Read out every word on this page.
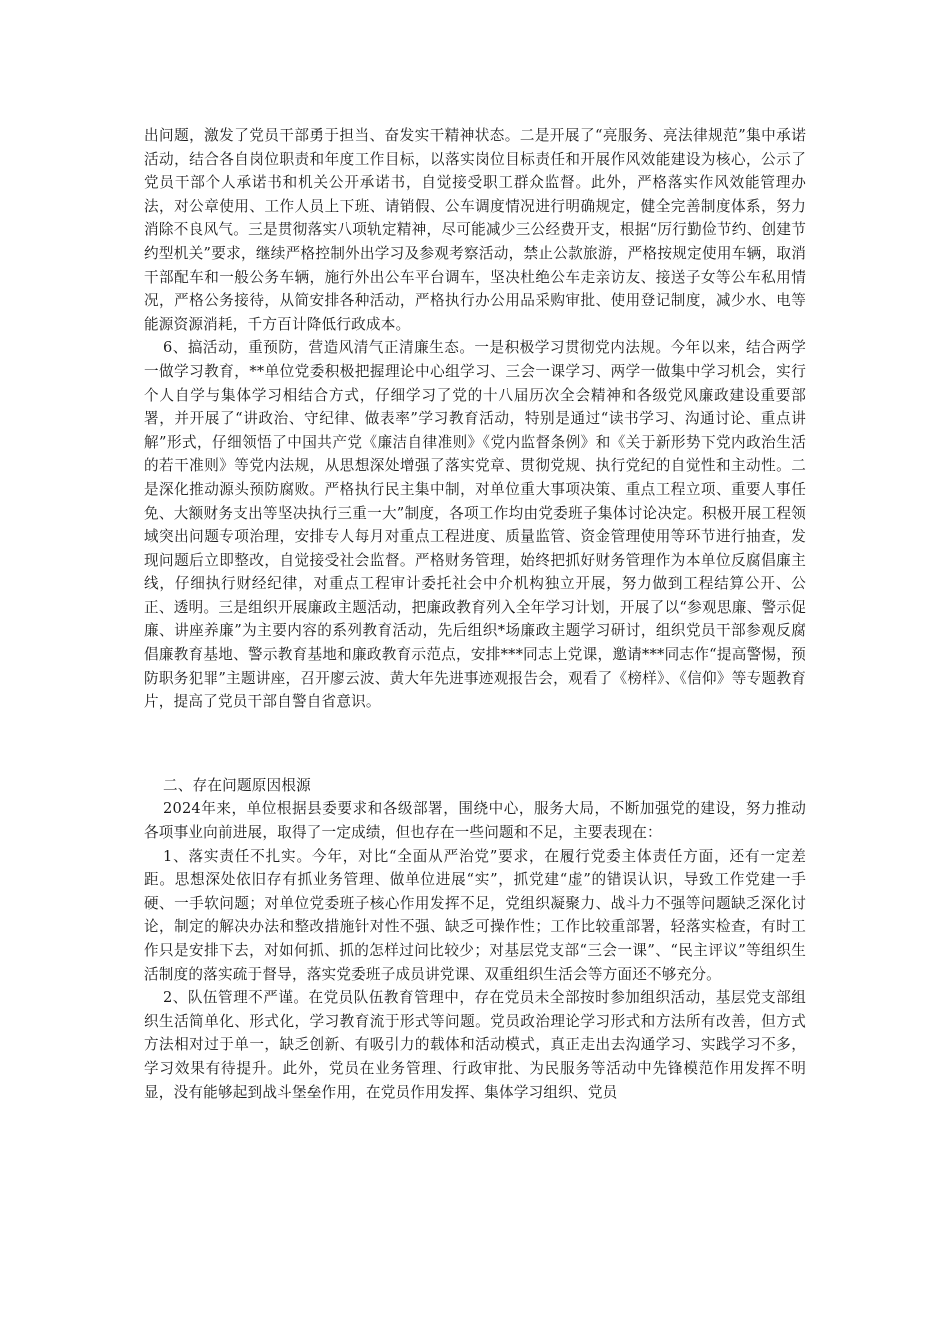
出问题，激发了党员干部勇于担当、奋发实干精神状态。二是开展了“亮服务、亮法律规范”集中承诺活动，结合各自岗位职责和年度工作目标，以落实岗位目标责任和开展作风效能建设为核心，公示了党员干部个人承诺书和机关公开承诺书，自觉接受职工群众监督。此外，严格落实作风效能管理办法，对公章使用、工作人员上下班、请销假、公车调度情况进行明确规定，健全完善制度体系，努力消除不良风气。三是贯彻落实八项轨定精神，尽可能减少三公经费开支，根据“厉行勤俭节约、创建节约型机关”要求，继续严格控制外出学习及参观考察活动，禁止公款旅游，严格按规定使用车辆，取消干部配车和一般公务车辆，施行外出公车平台调车，坚决杜绝公车走亲访友、接送子女等公车私用情况，严格公务接待，从简安排各种活动，严格执行办公用品采购审批、使用登记制度，减少水、电等能源资源消耗，千方百计降低行政成本。

6、搞活动，重预防，营造风清气正清廉生态。一是积极学习贯彻党内法规。今年以来，结合两学一做学习教育，**单位党委积极把握理论中心组学习、三会一课学习、两学一做集中学习机会，实行个人自学与集体学习相结合方式，仔细学习了党的十八届历次全会精神和各级党风廉政建设重要部署，并开展了“讲政治、守纪律、做表率”学习教育活动，特别是通过“读书学习、沟通讨论、重点讲解”形式，仔细领悟了中国共产党《廉洁自律准则》《党内监督条例》和《关于新形势下党内政治生活的若干准则》等党内法规，从思想深处增强了落实党章、贯彻党规、执行党纪的自觉性和主动性。二是深化推动源头预防腐败。严格执行民主集中制，对单位重大事项决策、重点工程立项、重要人事任免、大额财务支出等坚决执行三重一大”制度，各项工作均由党委班子集体讨论决定。积极开展工程领域突出问题专项治理，安排专人每月对重点工程进度、质量监管、资金管理使用等环节进行抽查，发现问题后立即整改，自觉接受社会监督。严格财务管理，始终把抓好财务管理作为本单位反腐倡廉主线，仔细执行财经纪律，对重点工程审计委托社会中介机构独立开展，努力做到工程结算公开、公正、透明。三是组织开展廉政主题活动，把廉政教育列入全年学习计划，开展了以“参观思廉、警示促廉、讲座养廉”为主要内容的系列教育活动，先后组织*场廉政主题学习研讨，组织党员干部参观反腐倡廉教育基地、警示教育基地和廉政教育示范点，安排***同志上党课，邀请***同志作“提高警惕，预防职务犯罪”主题讲座，召开廖云波、黄大年先进事迹观报告会，观看了《榜样》、《信仰》等专题教育片，提高了党员干部自警自省意识。

二、存在问题原因根源

2024年来，单位根据县委要求和各级部署，围绕中心，服务大局，不断加强党的建设，努力推动各项事业向前进展，取得了一定成绩，但也存在一些问题和不足，主要表现在：

1、落实责任不扎实。今年，对比“全面从严治党”要求，在履行党委主体责任方面，还有一定差距。思想深处依旧存有抓业务管理、做单位进展“实”，抓党建“虚”的错误认识，导致工作党建一手硬、一手软问题；对单位党委班子核心作用发挥不足，党组织凝聚力、战斗力不强等问题缺乏深化讨论，制定的解决办法和整改措施针对性不强、缺乏可操作性；工作比较重部署，轻落实检查，有时工作只是安排下去，对如何抓、抓的怎样过问比较少；对基层党支部“三会一课”、“民主评议”等组织生活制度的落实疏于督导，落实党委班子成员讲党课、双重组织生活会等方面还不够充分。

2、队伍管理不严谨。在党员队伍教育管理中，存在党员未全部按时参加组织活动，基层党支部组织生活简单化、形式化，学习教育流于形式等问题。党员政治理论学习形式和方法所有改善，但方式方法相对过于单一，缺乏创新、有吸引力的载体和活动模式，真正走出去沟通学习、实践学习不多，学习效果有待提升。此外，党员在业务管理、行政审批、为民服务等活动中先锋模范作用发挥不明显，没有能够起到战斗堡垒作用，在党员作用发挥、集体学习组织、党员
